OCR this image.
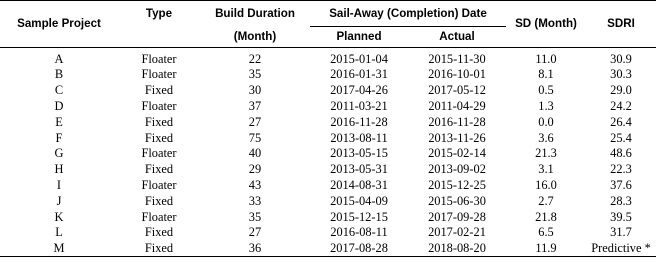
Sample Project	Type	Build Duration	Sail-Away (Completion) Date		SD (Month)	SDRI
		(Month)	Planned	Actual		
A	Floater	22	2015-01-04	2015-11-30	11.0	30.9
B	Floater	35	2016-01-31	2016-10-01	8.1	30.3
C	Fixed	30	2017-04-26	2017-05-12	0.5	29.0
D	Floater	37	2011-03-21	2011-04-29	1.3	24.2
E	Fixed	27	2016-11-28	2016-11-28	0.0	26.4
F	Fixed	75	2013-08-11	2013-11-26	3.6	25.4
G	Floater	40	2013-05-15	2015-02-14	21.3	48.6
H	Fixed	29	2013-05-31	2013-09-02	3.1	22.3
I	Floater	43	2014-08-31	2015-12-25	16.0	37.6
J	Fixed	33	2015-04-09	2015-06-30	2.7	28.3
K	Floater	35	2015-12-15	2017-09-28	21.8	39.5
L	Fixed	27	2016-08-11	2017-02-21	6.5	31.7
M	Fixed	36	2017-08-28	2018-08-20	11.9	Predictive *
